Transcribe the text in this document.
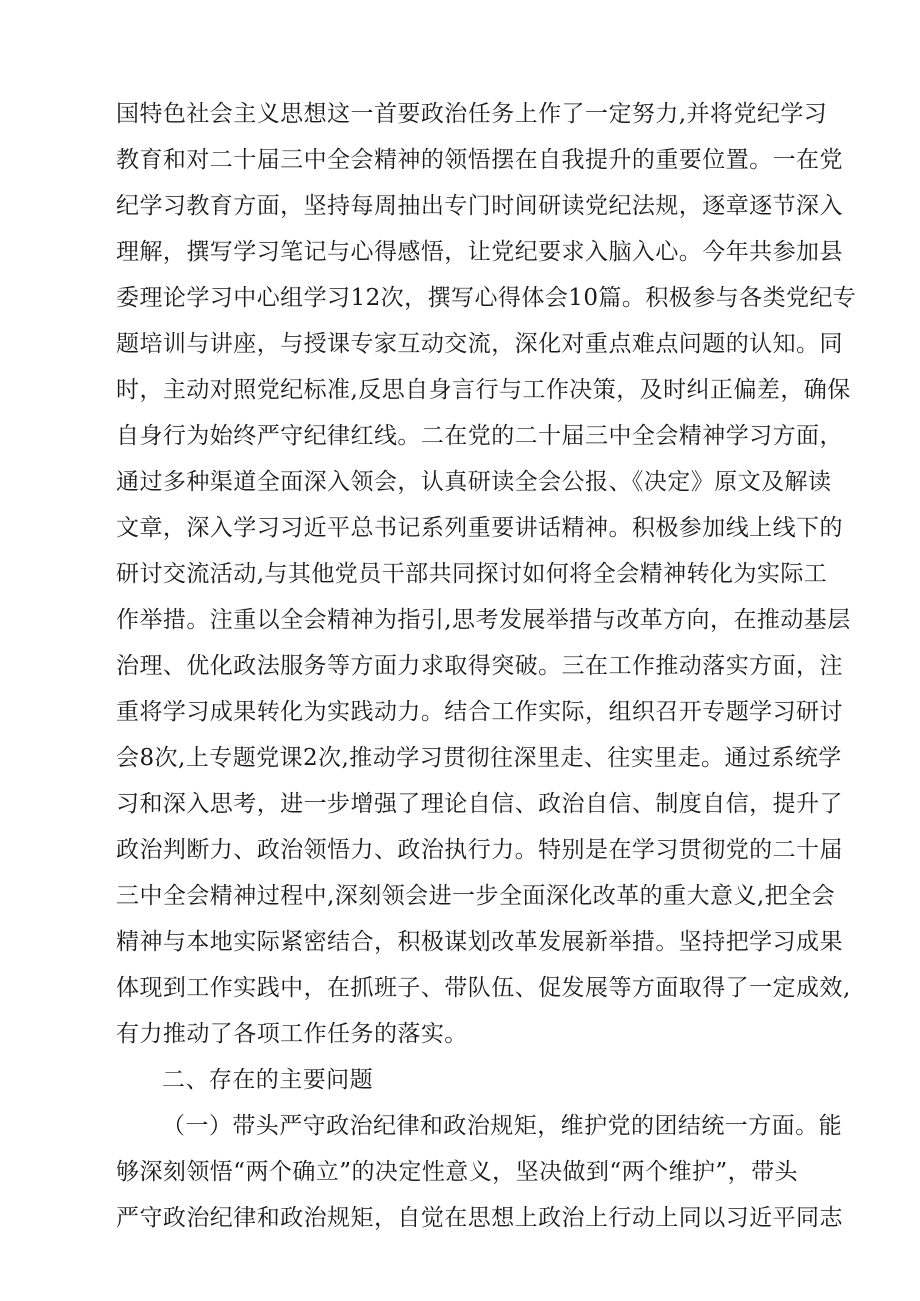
国特色社会主义思想这一首要政治任务上作了一定努力,并将党纪学习
教育和对二十届三中全会精神的领悟摆在自我提升的重要位置。一在党
纪学习教育方面，坚持每周抽出专门时间研读党纪法规，逐章逐节深入
理解，撰写学习笔记与心得感悟，让党纪要求入脑入心。今年共参加县
委理论学习中心组学习12次，撰写心得体会10篇。积极参与各类党纪专
题培训与讲座，与授课专家互动交流，深化对重点难点问题的认知。同
时，主动对照党纪标准,反思自身言行与工作决策，及时纠正偏差，确保
自身行为始终严守纪律红线。二在党的二十届三中全会精神学习方面，
通过多种渠道全面深入领会，认真研读全会公报、《决定》原文及解读
文章，深入学习习近平总书记系列重要讲话精神。积极参加线上线下的
研讨交流活动,与其他党员干部共同探讨如何将全会精神转化为实际工
作举措。注重以全会精神为指引,思考发展举措与改革方向，在推动基层
治理、优化政法服务等方面力求取得突破。三在工作推动落实方面，注
重将学习成果转化为实践动力。结合工作实际，组织召开专题学习研讨
会8次,上专题党课2次,推动学习贯彻往深里走、往实里走。通过系统学
习和深入思考，进一步增强了理论自信、政治自信、制度自信，提升了
政治判断力、政治领悟力、政治执行力。特别是在学习贯彻党的二十届
三中全会精神过程中,深刻领会进一步全面深化改革的重大意义,把全会
精神与本地实际紧密结合，积极谋划改革发展新举措。坚持把学习成果
体现到工作实践中，在抓班子、带队伍、促发展等方面取得了一定成效,
有力推动了各项工作任务的落实。
二、存在的主要问题
（一）带头严守政治纪律和政治规矩，维护党的团结统一方面。能
够深刻领悟“两个确立”的决定性意义，坚决做到“两个维护”，带头
严守政治纪律和政治规矩，自觉在思想上政治上行动上同以习近平同志
